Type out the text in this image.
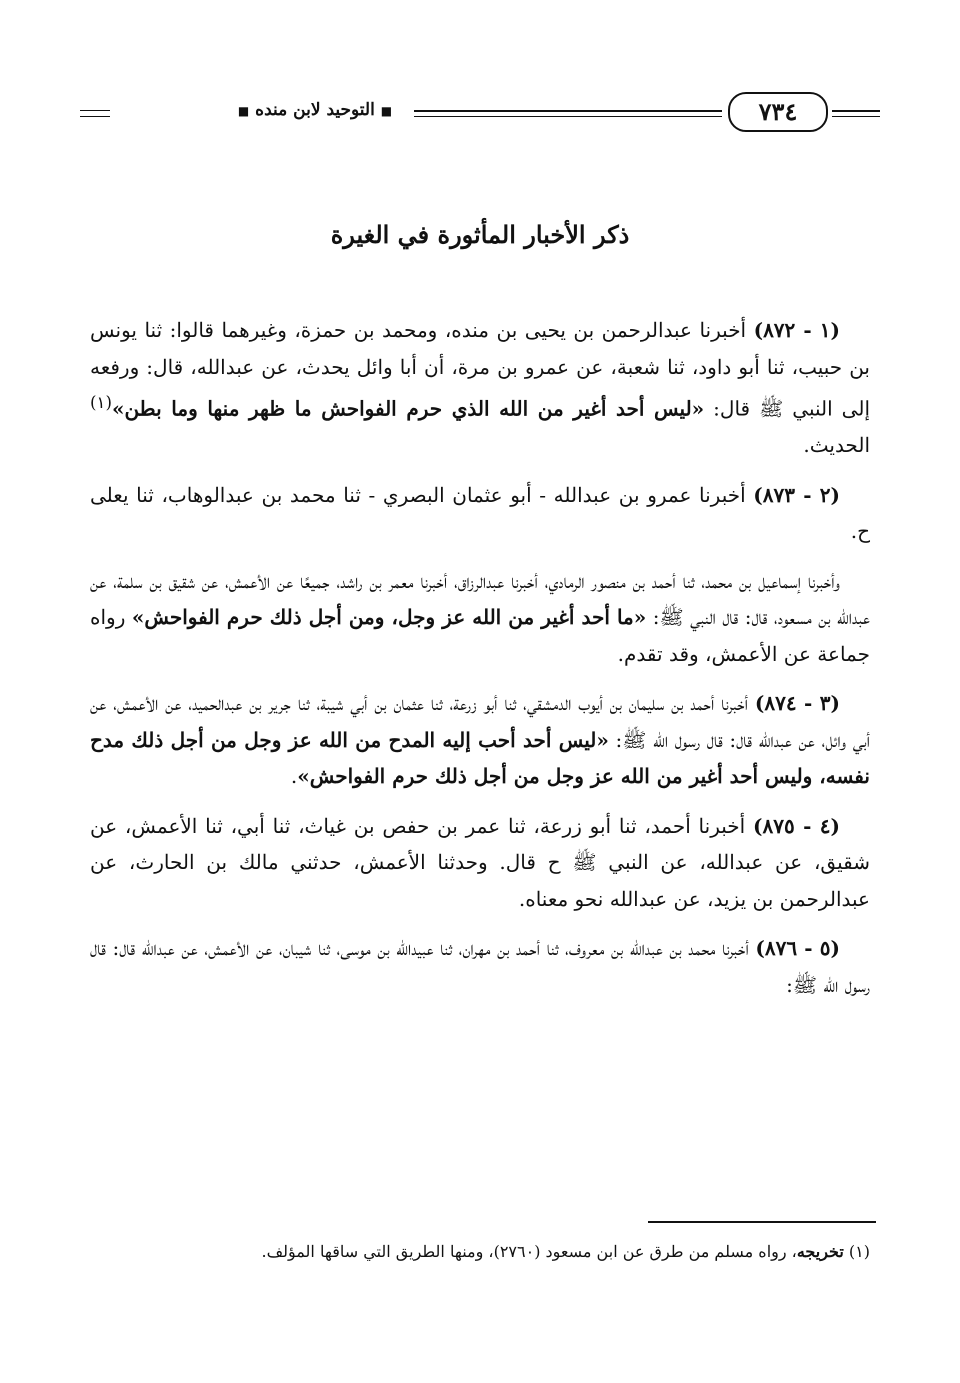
■ التوحيد لابن منده ■	٧٣٤
ذكر الأخبار المأثورة في الغيرة

(١ - ٨٧٢) أخبرنا عبدالرحمن بن يحيى بن منده، ومحمد بن حمزة، وغيرهما قالوا: ثنا يونس بن حبيب، ثنا أبو داود، ثنا شعبة، عن عمرو بن مرة، أن أبا وائل يحدث، عن عبدالله، قال: ورفعه إلى النبي ﷺ قال: «ليس أحد أغير من الله الذي حرم الفواحش ما ظهر منها وما بطن»$^{(١)}$ الحديث.

(٢ - ٨٧٣) أخبرنا عمرو بن عبدالله - أبو عثمان البصري - ثنا محمد بن عبدالوهاب، ثنا يعلى ح.

وأخبرنا إسماعيل بن محمد، ثنا أحمد بن منصور الرمادي، أخبرنا عبدالرزاق، أخبرنا معمر بن راشد، جميعًا عن الأعمش، عن شقيق بن سلمة، عن عبدالله بن مسعود، قال: قال النبي ﷺ: «ما أحد أغير من الله عز وجل، ومن أجل ذلك حرم الفواحش» رواه جماعة عن الأعمش، وقد تقدم.

(٣ - ٨٧٤) أخبرنا أحمد بن سليمان بن أيوب الدمشقي، ثنا أبو زرعة، ثنا عثمان بن أبي شيبة، ثنا جرير بن عبدالحميد، عن الأعمش، عن أبي وائل، عن عبدالله قال: قال رسول الله ﷺ: «ليس أحد أحب إليه المدح من الله عز وجل من أجل ذلك مدح نفسه، وليس أحد أغير من الله عز وجل من أجل ذلك حرم الفواحش».

(٤ - ٨٧٥) أخبرنا أحمد، ثنا أبو زرعة، ثنا عمر بن حفص بن غياث، ثنا أبي، ثنا الأعمش، عن شقيق، عن عبدالله، عن النبي ﷺ ح قال. وحدثنا الأعمش، حدثني مالك بن الحارث، عن عبدالرحمن بن يزيد، عن عبدالله نحو معناه.

(٥ - ٨٧٦) أخبرنا محمد بن عبدالله بن معروف، ثنا أحمد بن مهران، ثنا عبيدالله بن موسى، ثنا شيبان، عن الأعمش، عن عبدالله قال: قال رسول الله ﷺ:

(١) تخريجه، رواه مسلم من طرق عن ابن مسعود (٢٧٦٠)، ومنها الطريق التي ساقها المؤلف.
